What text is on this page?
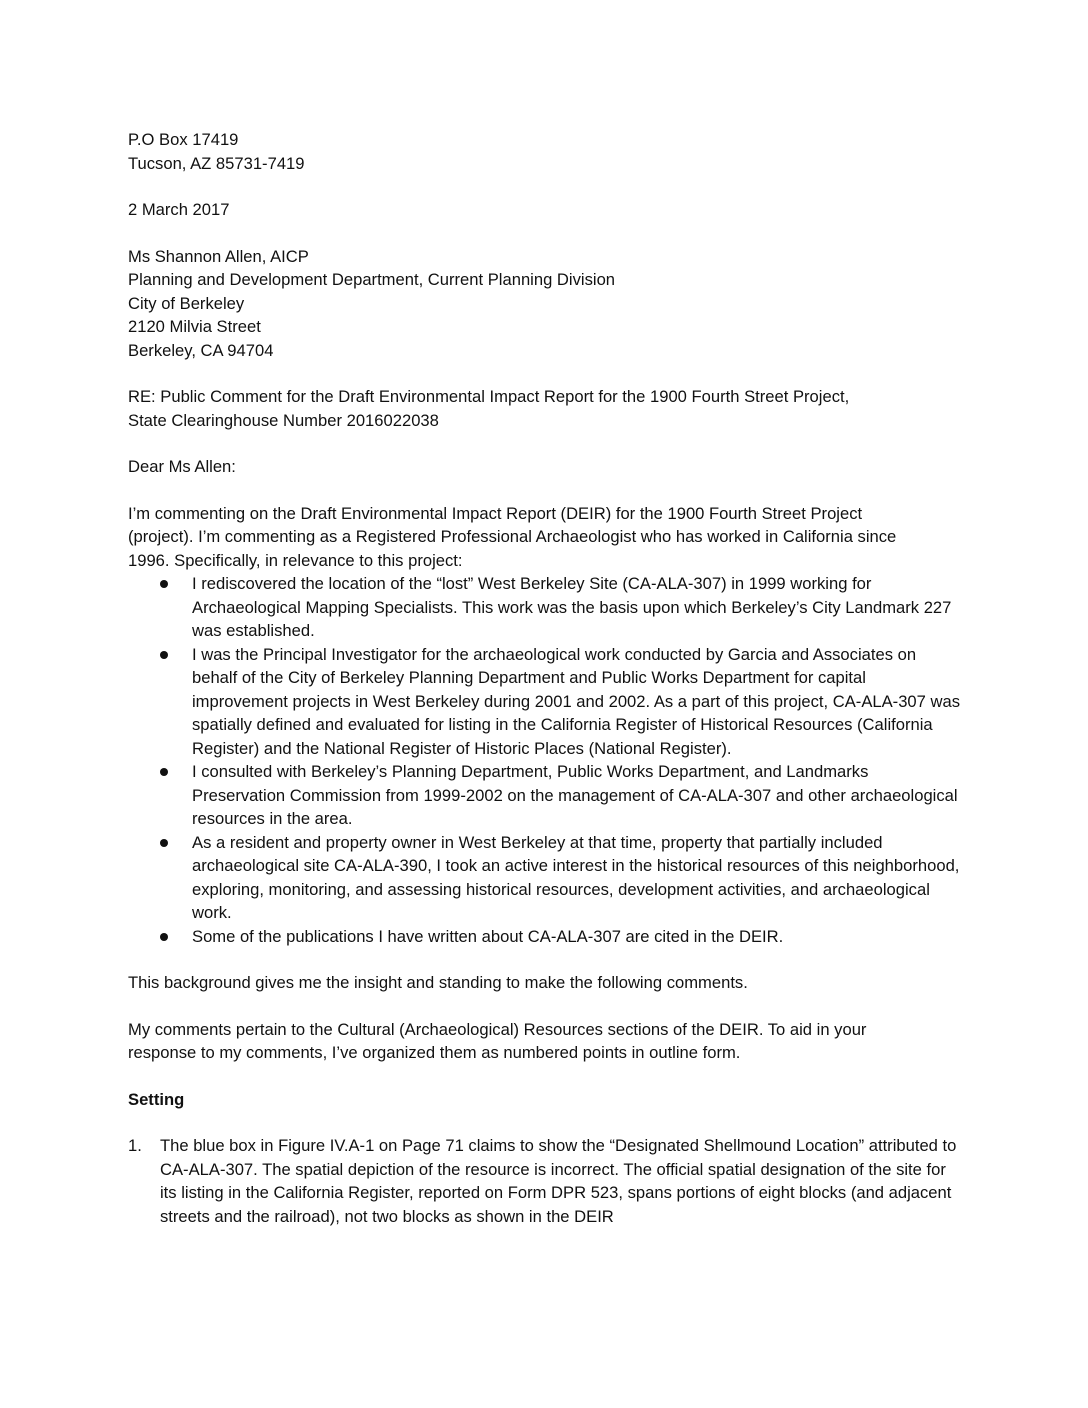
P.O Box 17419
Tucson, AZ 85731-7419
2 March 2017
Ms Shannon Allen, AICP
Planning and Development Department, Current Planning Division
City of Berkeley
2120 Milvia Street
Berkeley, CA 94704
RE: Public Comment for the Draft Environmental Impact Report for the 1900 Fourth Street Project,
State Clearinghouse Number 2016022038
Dear Ms Allen:
I’m commenting on the Draft Environmental Impact Report (DEIR) for the 1900 Fourth Street Project
(project). I’m commenting as a Registered Professional Archaeologist who has worked in California since
1996. Specifically, in relevance to this project:
I rediscovered the location of the “lost” West Berkeley Site (CA-ALA-307) in 1999 working for Archaeological Mapping Specialists. This work was the basis upon which Berkeley’s City Landmark 227 was established.
I was the Principal Investigator for the archaeological work conducted by Garcia and Associates on behalf of the City of Berkeley Planning Department and Public Works Department for capital improvement projects in West Berkeley during 2001 and 2002. As a part of this project, CA-ALA-307 was spatially defined and evaluated for listing in the California Register of Historical Resources (California Register) and the National Register of Historic Places (National Register).
I consulted with Berkeley’s Planning Department, Public Works Department, and Landmarks Preservation Commission from 1999-2002 on the management of CA-ALA-307 and other archaeological resources in the area.
As a resident and property owner in West Berkeley at that time, property that partially included archaeological site CA-ALA-390, I took an active interest in the historical resources of this neighborhood, exploring, monitoring, and assessing historical resources, development activities, and archaeological work.
Some of the publications I have written about CA-ALA-307 are cited in the DEIR.
This background gives me the insight and standing to make the following comments.
My comments pertain to the Cultural (Archaeological) Resources sections of the DEIR. To aid in your
response to my comments, I’ve organized them as numbered points in outline form.
Setting
1. The blue box in Figure IV.A-1 on Page 71 claims to show the “Designated Shellmound Location” attributed to CA-ALA-307. The spatial depiction of the resource is incorrect. The official spatial designation of the site for its listing in the California Register, reported on Form DPR 523, spans portions of eight blocks (and adjacent streets and the railroad), not two blocks as shown in the DEIR
